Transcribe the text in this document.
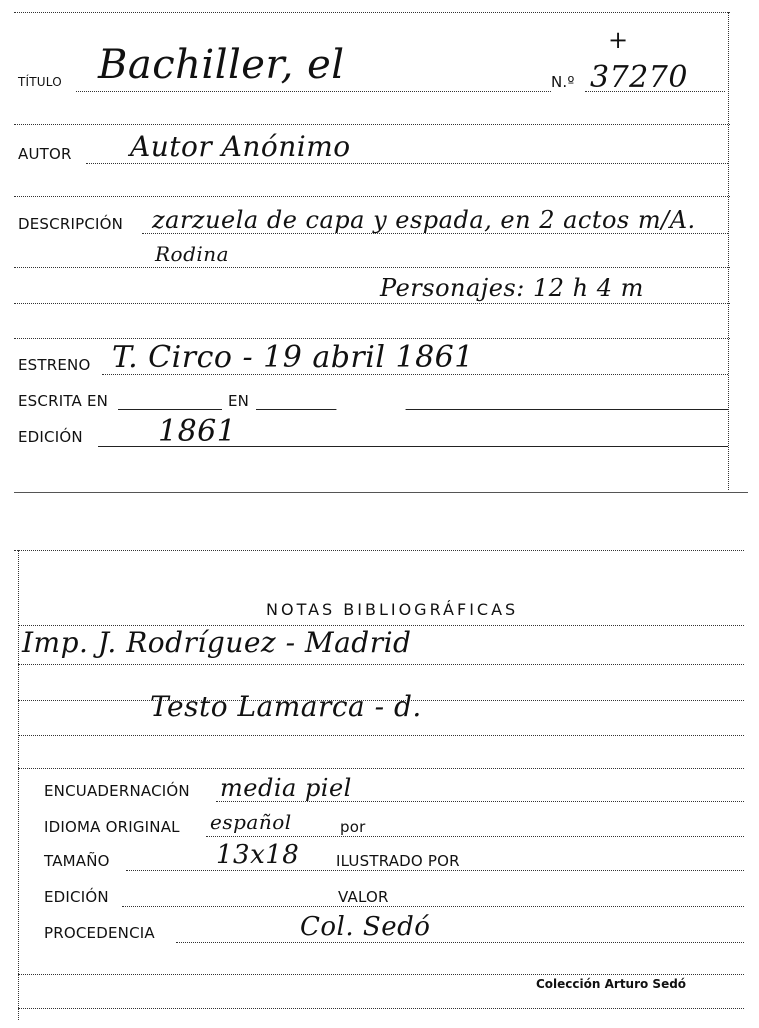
+
TÍTULO Bachiller, el	N.º 37270
AUTOR Autor Anónimo
DESCRIPCIÓN zarzuela de capa y espada, en 2 actos m/A.
Rodina
Personajes: 12 h 4 m
ESTRENO T. Circo - 19 abril 1861
ESCRITA EN	EN
EDICIÓN	1861
NOTAS BIBLIOGRÁFICAS
Imp. J. Rodríguez - Madrid
Testo Lamarca - d.
ENCUADERNACIÓN media piel
IDIOMA ORIGINAL español	por
TAMAÑO	13x18 ILUSTRADO POR
EDICIÓN	VALOR
PROCEDENCIA	Col. Sedó
Colección Arturo Sedó
